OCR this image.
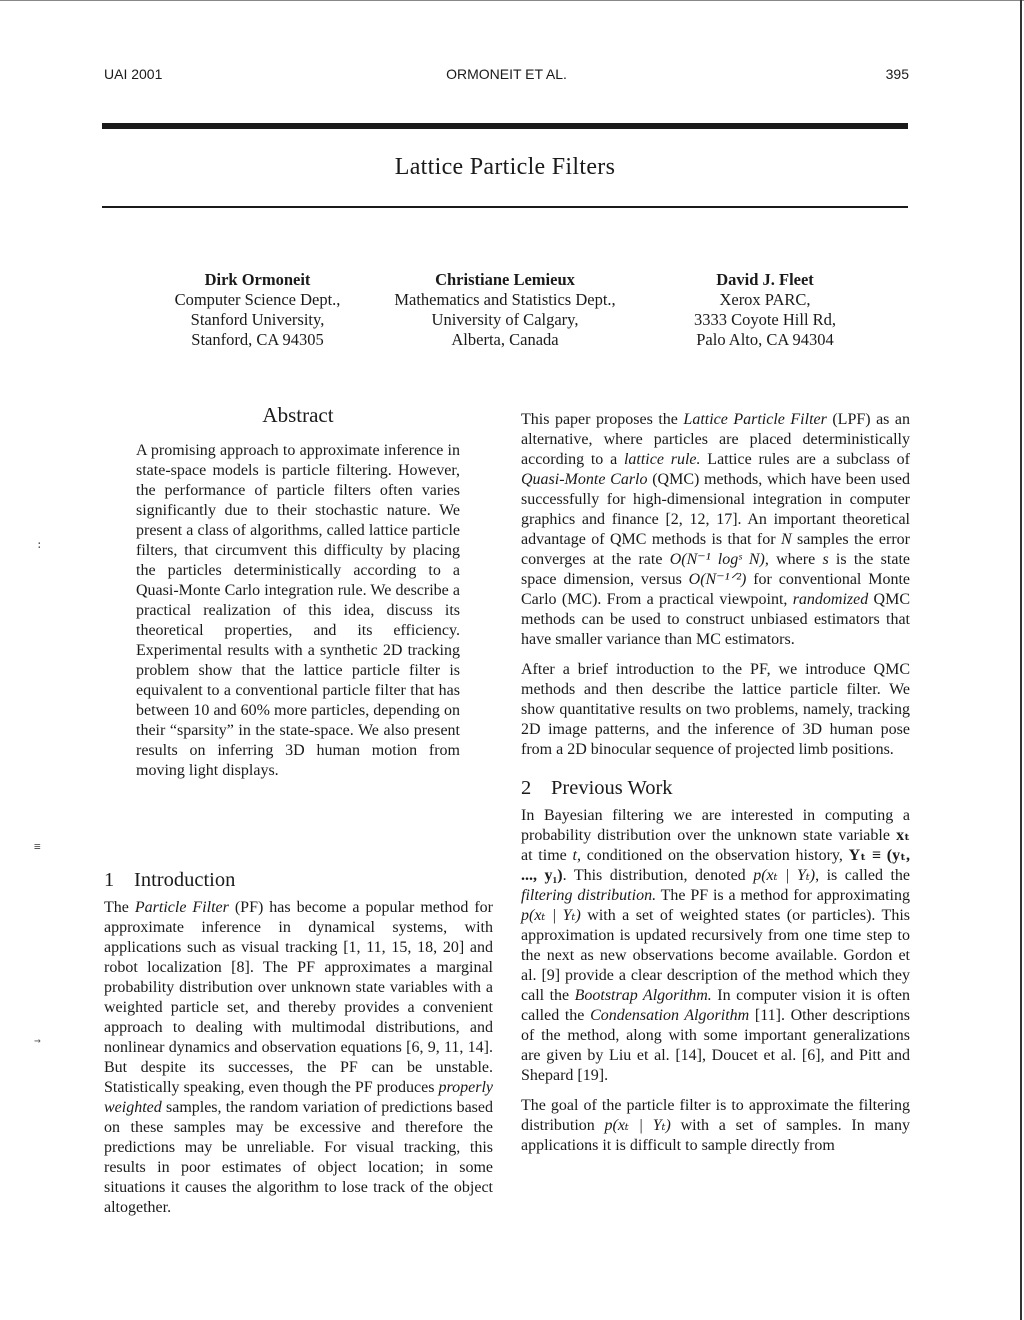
UAI 2001	ORMONEIT ET AL.	395
Lattice Particle Filters
Dirk Ormoneit
Computer Science Dept.,
Stanford University,
Stanford, CA 94305
Christiane Lemieux
Mathematics and Statistics Dept.,
University of Calgary,
Alberta, Canada
David J. Fleet
Xerox PARC,
3333 Coyote Hill Rd,
Palo Alto, CA 94304
Abstract

A promising approach to approximate inference in state-space models is particle filtering. However, the performance of particle filters often varies significantly due to their stochastic nature. We present a class of algorithms, called lattice particle filters, that circumvent this difficulty by placing the particles deterministically according to a Quasi-Monte Carlo integration rule. We describe a practical realization of this idea, discuss its theoretical properties, and its efficiency. Experimental results with a synthetic 2D tracking problem show that the lattice particle filter is equivalent to a conventional particle filter that has between 10 and 60% more particles, depending on their “sparsity” in the state-space. We also present results on inferring 3D human motion from moving light displays.

1 Introduction

The Particle Filter (PF) has become a popular method for approximate inference in dynamical systems, with applications such as visual tracking [1, 11, 15, 18, 20] and robot localization [8]. The PF approximates a marginal probability distribution over unknown state variables with a weighted particle set, and thereby provides a convenient approach to dealing with multimodal distributions, and nonlinear dynamics and observation equations [6, 9, 11, 14]. But despite its successes, the PF can be unstable. Statistically speaking, even though the PF produces properly weighted samples, the random variation of predictions based on these samples may be excessive and therefore the predictions may be unreliable. For visual tracking, this results in poor estimates of object location; in some situations it causes the algorithm to lose track of the object altogether.

This paper proposes the Lattice Particle Filter (LPF) as an alternative, where particles are placed deterministically according to a lattice rule. Lattice rules are a subclass of Quasi-Monte Carlo (QMC) methods, which have been used successfully for high-dimensional integration in computer graphics and finance [2, 12, 17]. An important theoretical advantage of QMC methods is that for N samples the error converges at the rate O(N⁻¹ logˢ N), where s is the state space dimension, versus O(N⁻¹ᐟ²) for conventional Monte Carlo (MC). From a practical viewpoint, randomized QMC methods can be used to construct unbiased estimators that have smaller variance than MC estimators.

After a brief introduction to the PF, we introduce QMC methods and then describe the lattice particle filter. We show quantitative results on two problems, namely, tracking 2D image patterns, and the inference of 3D human pose from a 2D binocular sequence of projected limb positions.

2 Previous Work

In Bayesian filtering we are interested in computing a probability distribution over the unknown state variable xₜ at time t, conditioned on the observation history, Yₜ ≡ (yₜ, ..., y₁). This distribution, denoted p(xₜ | Yₜ), is called the filtering distribution. The PF is a method for approximating p(xₜ | Yₜ) with a set of weighted states (or particles). This approximation is updated recursively from one time step to the next as new observations become available. Gordon et al. [9] provide a clear description of the method which they call the Bootstrap Algorithm. In computer vision it is often called the Condensation Algorithm [11]. Other descriptions of the method, along with some important generalizations are given by Liu et al. [14], Doucet et al. [6], and Pitt and Shepard [19].

The goal of the particle filter is to approximate the filtering distribution p(xₜ | Yₜ) with a set of samples. In many applications it is difficult to sample directly from

:
≡
→
